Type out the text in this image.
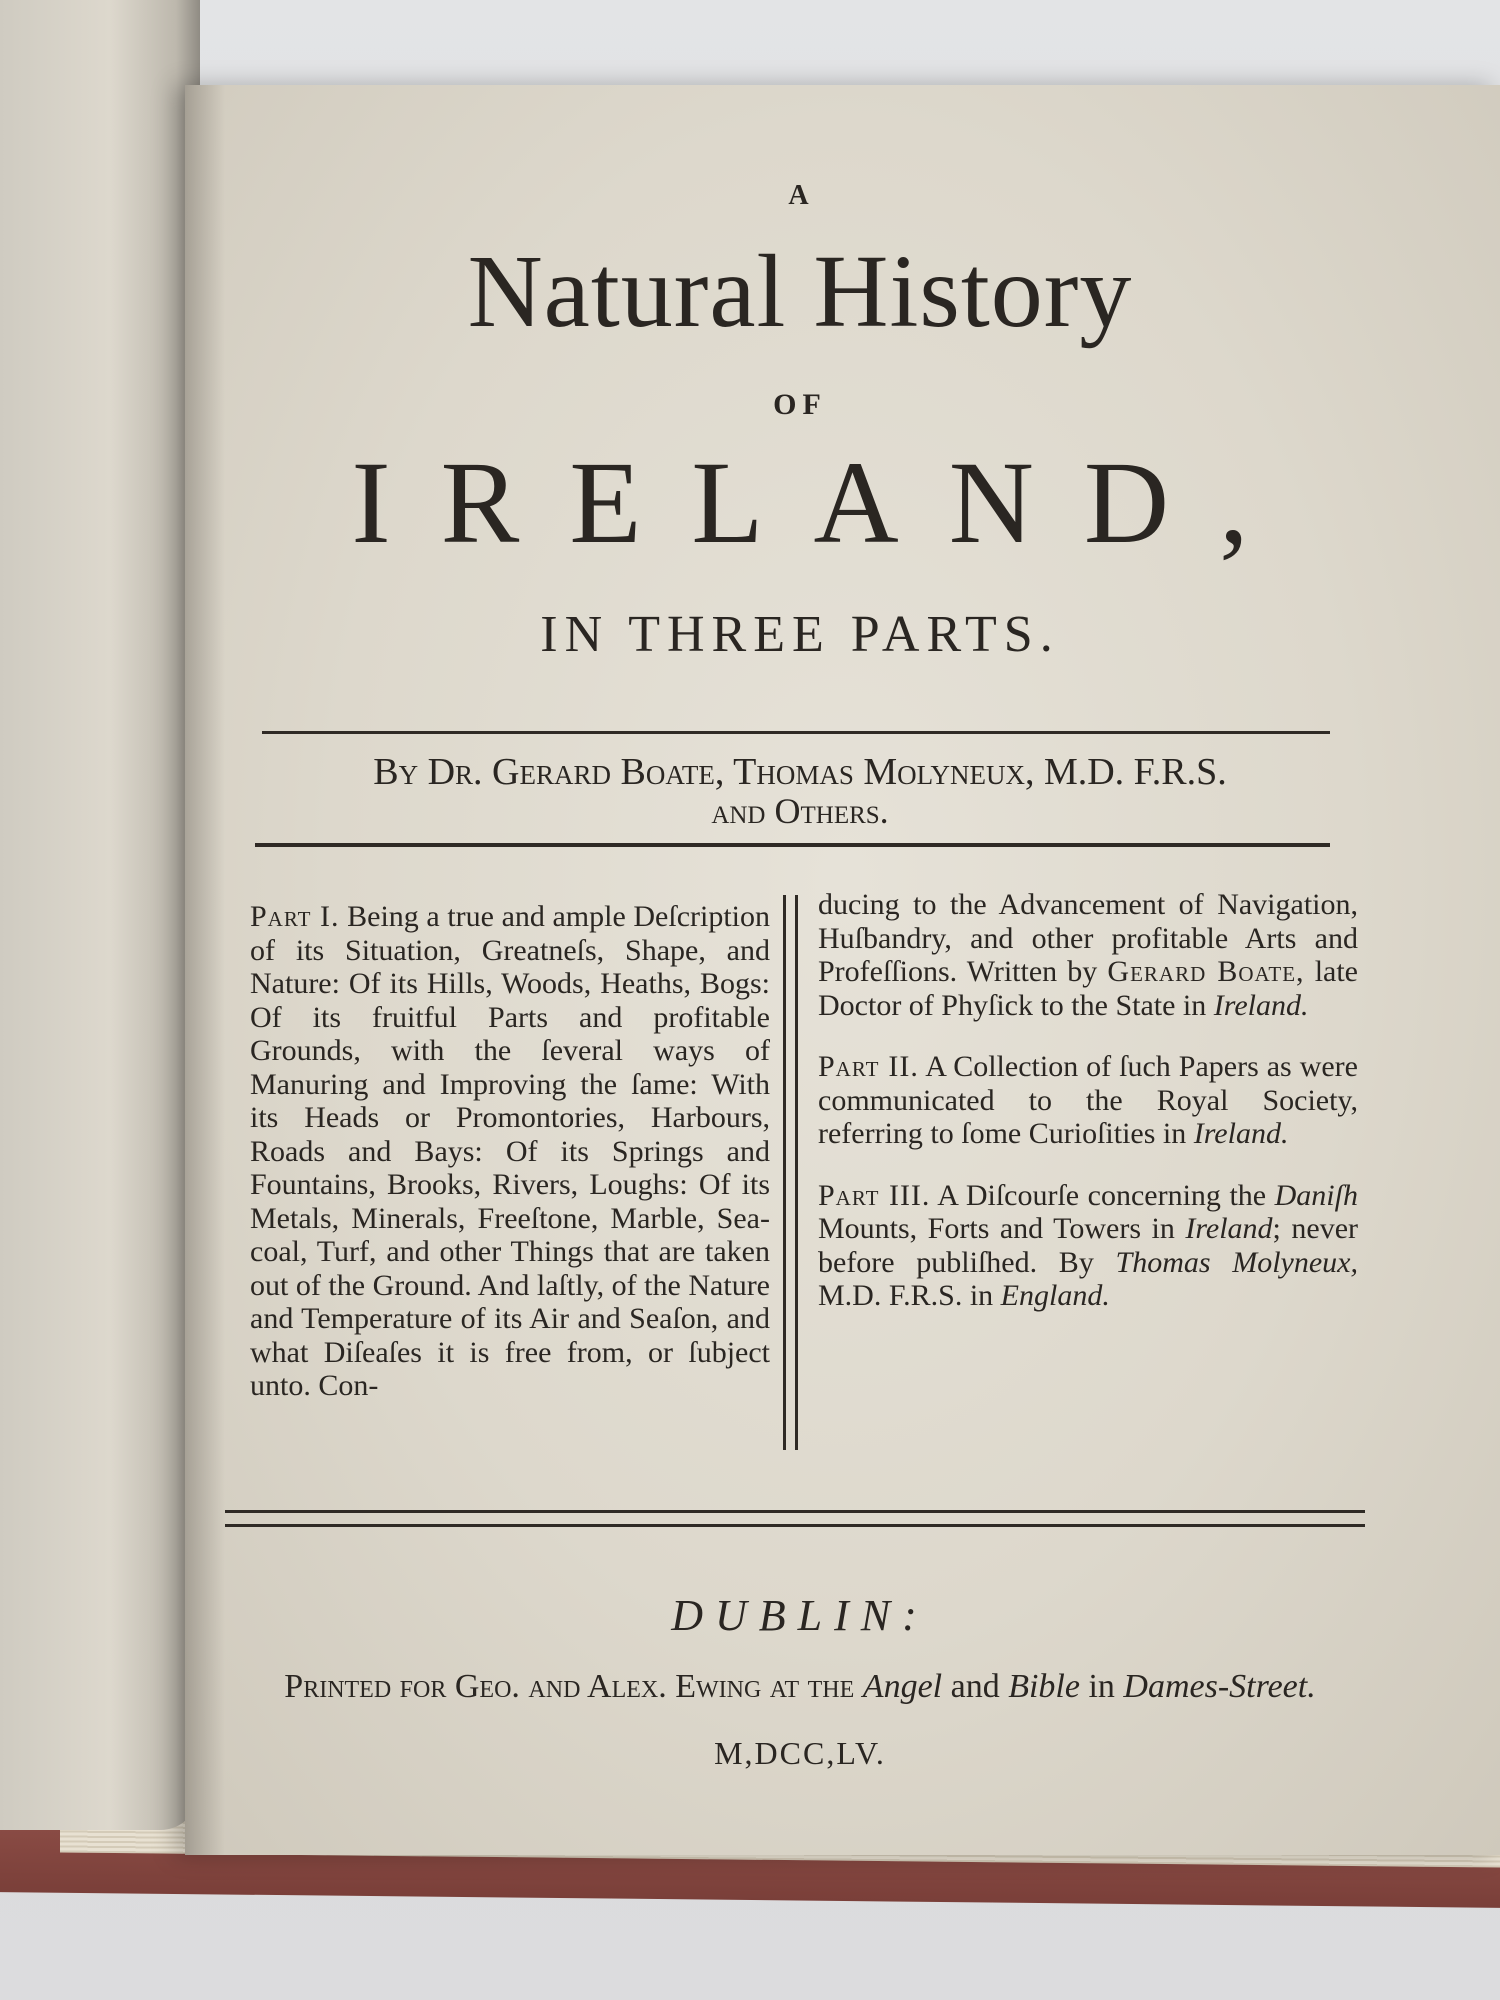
A
Natural History
OF
IRELAND,
IN THREE PARTS.
By Dr. Gerard Boate, Thomas Molyneux, M.D. F.R.S.
and Others.

Part I. Being a true and ample Deſcription of its Situation, Greatneſs, Shape, and Nature: Of its Hills, Woods, Heaths, Bogs: Of its fruitful Parts and profitable Grounds, with the ſeveral ways of Manuring and Improving the ſame: With its Heads or Promontories, Harbours, Roads and Bays: Of its Springs and Fountains, Brooks, Rivers, Loughs: Of its Metals, Minerals, Freeſtone, Marble, Sea-coal, Turf, and other Things that are taken out of the Ground. And laſtly, of the Nature and Temperature of its Air and Seaſon, and what Diſeaſes it is free from, or ſubject unto. Con-

ducing to the Advancement of Navigation, Huſbandry, and other profitable Arts and Profeſſions. Written by Gerard Boate, late Doctor of Phyſick to the State in Ireland.

Part II. A Collection of ſuch Papers as were communicated to the Royal Society, referring to ſome Curioſities in Ireland.

Part III. A Diſcourſe concerning the Daniſh Mounts, Forts and Towers in Ireland; never before publiſhed. By Thomas Molyneux, M.D. F.R.S. in England.

DUBLIN:
Printed for Geo. and Alex. Ewing at the Angel and Bible in Dames-Street.
M,DCC,LV.
